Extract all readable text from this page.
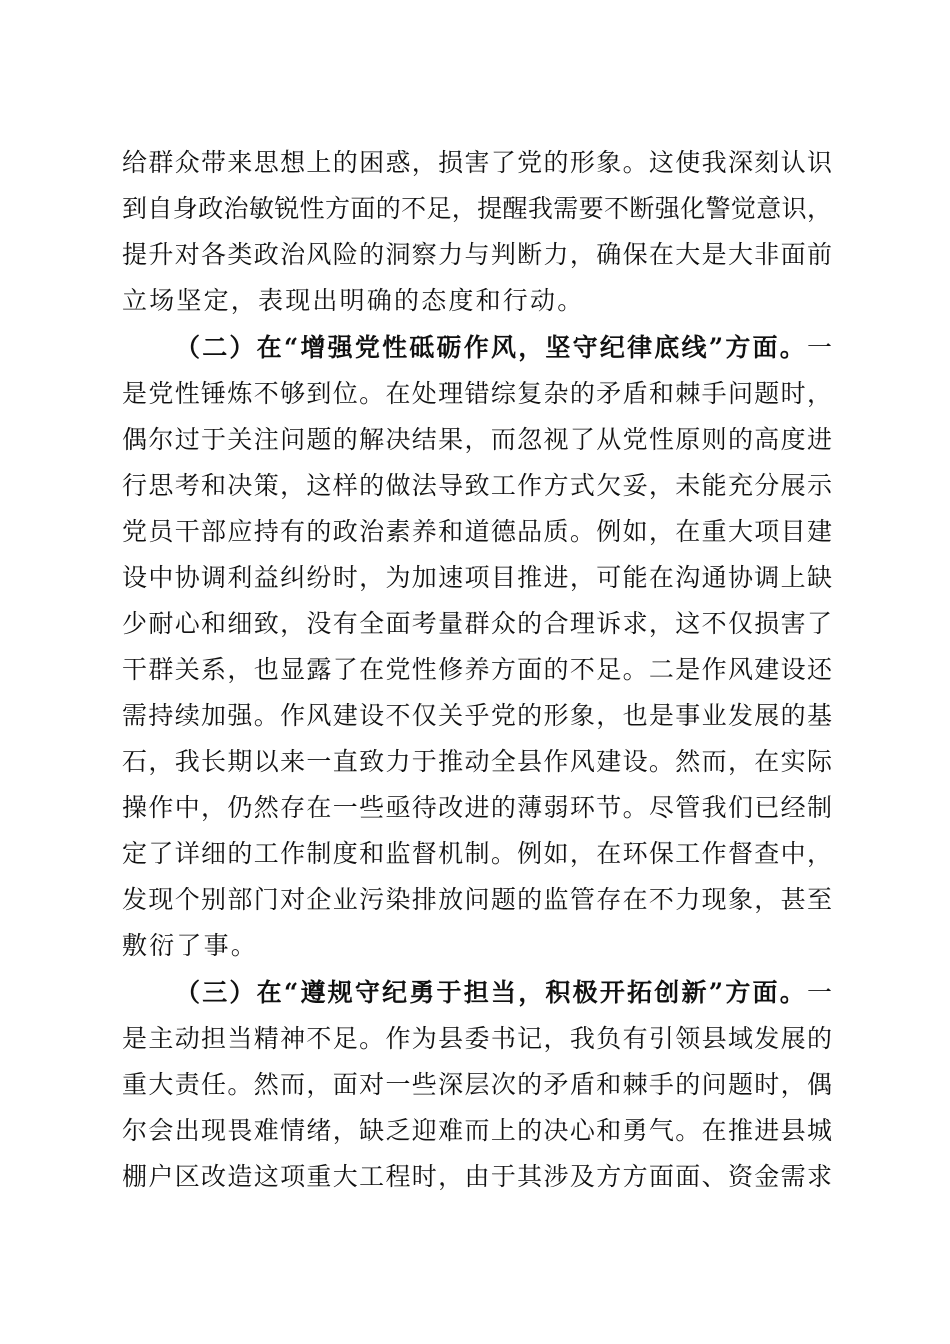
给群众带来思想上的困惑，损害了党的形象。这使我深刻认识
到自身政治敏锐性方面的不足，提醒我需要不断强化警觉意识，
提升对各类政治风险的洞察力与判断力，确保在大是大非面前
立场坚定，表现出明确的态度和行动。
（二）在“增强党性砥砺作风，坚守纪律底线”方面。一
是党性锤炼不够到位。在处理错综复杂的矛盾和棘手问题时，
偶尔过于关注问题的解决结果，而忽视了从党性原则的高度进
行思考和决策，这样的做法导致工作方式欠妥，未能充分展示
党员干部应持有的政治素养和道德品质。例如，在重大项目建
设中协调利益纠纷时，为加速项目推进，可能在沟通协调上缺
少耐心和细致，没有全面考量群众的合理诉求，这不仅损害了
干群关系，也显露了在党性修养方面的不足。二是作风建设还
需持续加强。作风建设不仅关乎党的形象，也是事业发展的基
石，我长期以来一直致力于推动全县作风建设。然而，在实际
操作中，仍然存在一些亟待改进的薄弱环节。尽管我们已经制
定了详细的工作制度和监督机制。例如，在环保工作督查中，
发现个别部门对企业污染排放问题的监管存在不力现象，甚至
敷衍了事。
（三）在“遵规守纪勇于担当，积极开拓创新”方面。一
是主动担当精神不足。作为县委书记，我负有引领县域发展的
重大责任。然而，面对一些深层次的矛盾和棘手的问题时，偶
尔会出现畏难情绪，缺乏迎难而上的决心和勇气。在推进县城
棚户区改造这项重大工程时，由于其涉及方方面面、资金需求
